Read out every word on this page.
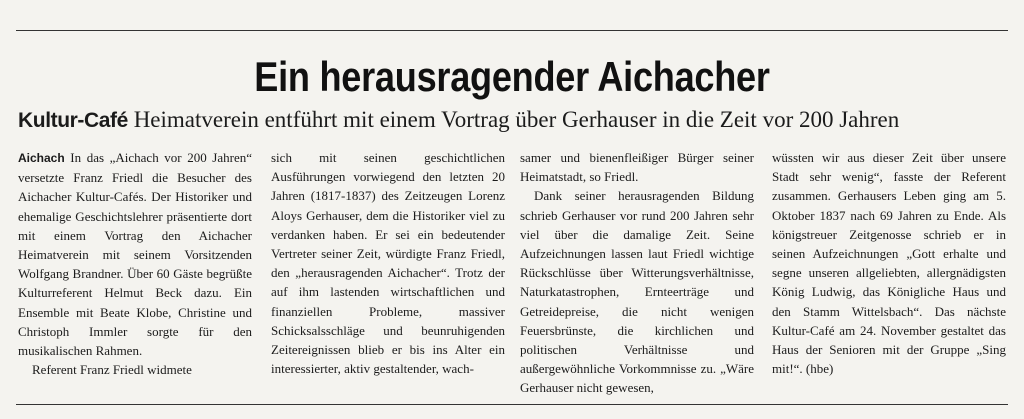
Ein herausragender Aichacher
Kultur-Café Heimatverein entführt mit einem Vortrag über Gerhauser in die Zeit vor 200 Jahren

Aichach In das „Aichach vor 200 Jahren“ versetzte Franz Friedl die Besucher des Aichacher Kultur-Cafés. Der Historiker und ehemalige Geschichtslehrer präsentierte dort mit einem Vortrag den Aichacher Heimatverein mit seinem Vorsitzenden Wolfgang Brandner. Über 60 Gäste begrüßte Kulturreferent Helmut Beck dazu. Ein Ensemble mit Beate Klobe, Christine und Christoph Immler sorgte für den musikalischen Rahmen.

Referent Franz Friedl widmete

sich mit seinen geschichtlichen Ausführungen vorwiegend den letzten 20 Jahren (1817-1837) des Zeitzeugen Lorenz Aloys Gerhauser, dem die Historiker viel zu verdanken haben. Er sei ein bedeutender Vertreter seiner Zeit, würdigte Franz Friedl, den „herausragenden Aichacher“. Trotz der auf ihm lastenden wirtschaftlichen und finanziellen Probleme, massiver Schicksalsschläge und beunruhigenden Zeitereignissen blieb er bis ins Alter ein interessierter, aktiv gestaltender, wach-

samer und bienenfleißiger Bürger seiner Heimatstadt, so Friedl.

Dank seiner herausragenden Bildung schrieb Gerhauser vor rund 200 Jahren sehr viel über die damalige Zeit. Seine Aufzeichnungen lassen laut Friedl wichtige Rückschlüsse über Witterungsverhältnisse, Naturkatastrophen, Ernteerträge und Getreidepreise, die nicht wenigen Feuersbrünste, die kirchlichen und politischen Verhältnisse und außergewöhnliche Vorkommnisse zu. „Wäre Gerhauser nicht gewesen,

wüssten wir aus dieser Zeit über unsere Stadt sehr wenig“, fasste der Referent zusammen. Gerhausers Leben ging am 5. Oktober 1837 nach 69 Jahren zu Ende. Als königstreuer Zeitgenosse schrieb er in seinen Aufzeichnungen „Gott erhalte und segne unseren allgeliebten, allergnädigsten König Ludwig, das Königliche Haus und den Stamm Wittelsbach“. Das nächste Kultur-Café am 24. November gestaltet das Haus der Senioren mit der Gruppe „Sing mit!“. (hbe)
